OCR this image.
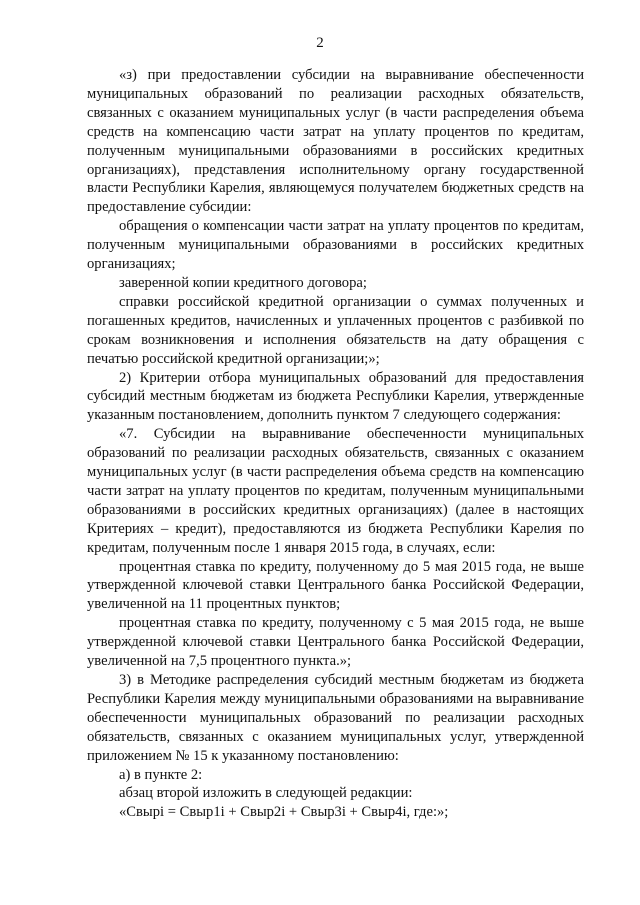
2

«з) при предоставлении субсидии на выравнивание обеспеченности муниципальных образований по реализации расходных обязательств, связанных с оказанием муниципальных услуг (в части распределения объема средств на компенсацию части затрат на уплату процентов по кредитам, полученным муниципальными образованиями в российских кредитных организациях), представления исполнительному органу государственной власти Республики Карелия, являющемуся получателем бюджетных средств на предоставление субсидии:

обращения о компенсации части затрат на уплату процентов по кредитам, полученным муниципальными образованиями в российских кредитных организациях;

заверенной копии кредитного договора;

справки российской кредитной организации о суммах полученных и погашенных кредитов, начисленных и уплаченных процентов с разбивкой по срокам возникновения и исполнения обязательств на дату обращения с печатью российской кредитной организации;»;

2) Критерии отбора муниципальных образований для предоставления субсидий местным бюджетам из бюджета Республики Карелия, утвержденные указанным постановлением, дополнить пунктом 7 следующего содержания:

«7. Субсидии на выравнивание обеспеченности муниципальных образований по реализации расходных обязательств, связанных с оказанием муниципальных услуг (в части распределения объема средств на компенсацию части затрат на уплату процентов по кредитам, полученным муниципальными образованиями в российских кредитных организациях) (далее в настоящих Критериях – кредит), предоставляются из бюджета Республики Карелия по кредитам, полученным после 1 января 2015 года, в случаях, если:

процентная ставка по кредиту, полученному до 5 мая 2015 года, не выше утвержденной ключевой ставки Центрального банка Российской Федерации, увеличенной на 11 процентных пунктов;

процентная ставка по кредиту, полученному с 5 мая 2015 года, не выше утвержденной ключевой ставки Центрального банка Российской Федерации, увеличенной на 7,5 процентного пункта.»;

3) в Методике распределения субсидий местным бюджетам из бюджета Республики Карелия между муниципальными образованиями на выравнивание обеспеченности муниципальных образований по реализации расходных обязательств, связанных с оказанием муниципальных услуг, утвержденной приложением № 15 к указанному постановлению:

а) в пункте 2:

абзац второй изложить в следующей редакции:

«Свырi = Свыр1i + Свыр2i + Свыр3i + Свыр4i, где:»;
